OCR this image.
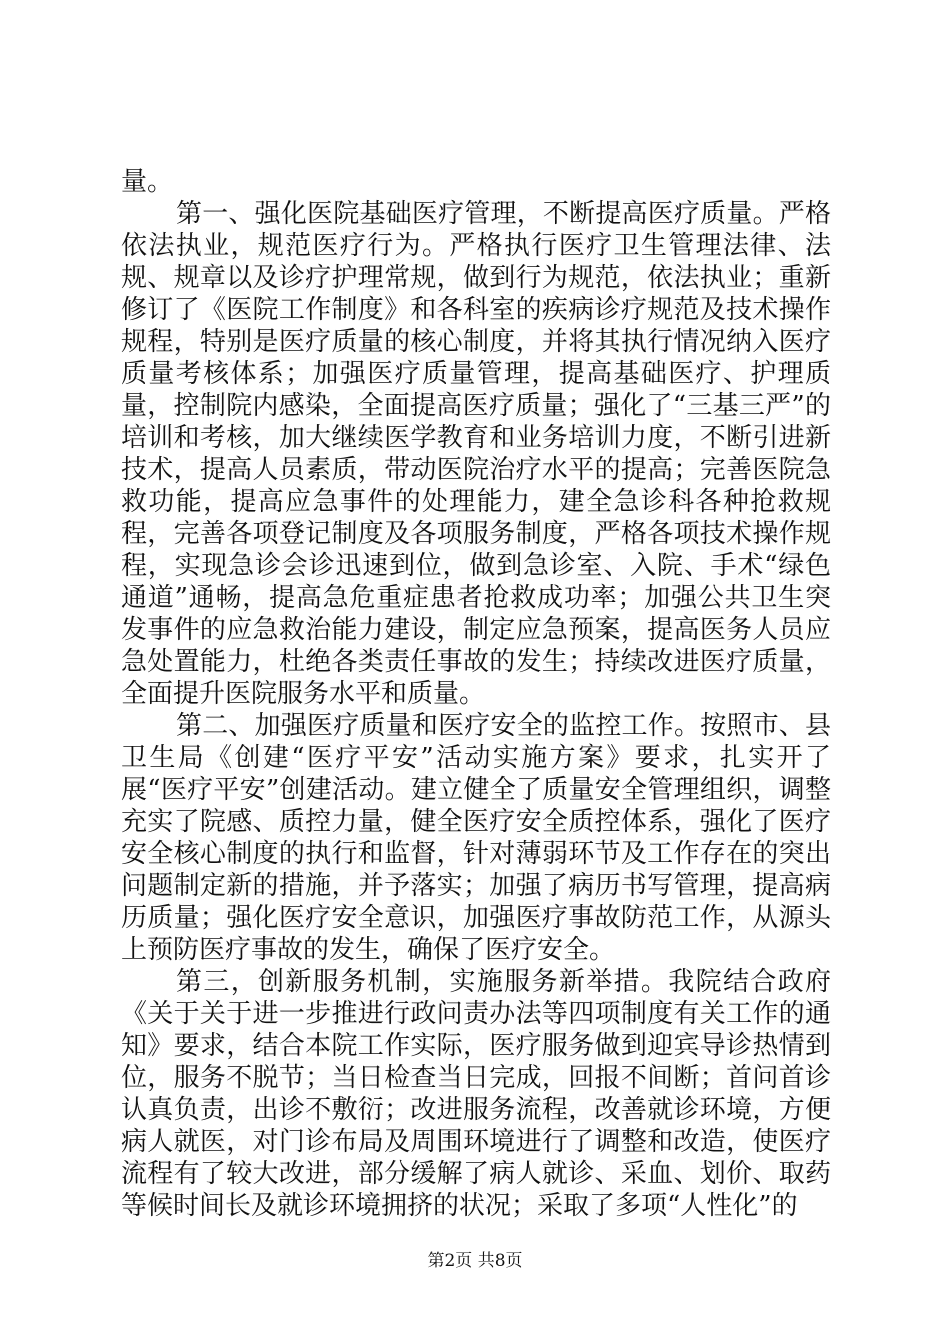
量。

第一、强化医院基础医疗管理，不断提高医疗质量。严格依法执业，规范医疗行为。严格执行医疗卫生管理法律、法规、规章以及诊疗护理常规，做到行为规范，依法执业；重新修订了《医院工作制度》和各科室的疾病诊疗规范及技术操作规程，特别是医疗质量的核心制度，并将其执行情况纳入医疗质量考核体系；加强医疗质量管理，提高基础医疗、护理质量，控制院内感染，全面提高医疗质量；强化了“三基三严”的培训和考核，加大继续医学教育和业务培训力度，不断引进新技术，提高人员素质，带动医院治疗水平的提高；完善医院急救功能，提高应急事件的处理能力，建全急诊科各种抢救规程，完善各项登记制度及各项服务制度，严格各项技术操作规程，实现急诊会诊迅速到位，做到急诊室、入院、手术“绿色通道”通畅，提高急危重症患者抢救成功率；加强公共卫生突发事件的应急救治能力建设，制定应急预案，提高医务人员应急处置能力，杜绝各类责任事故的发生；持续改进医疗质量，全面提升医院服务水平和质量。

第二、加强医疗质量和医疗安全的监控工作。按照市、县卫生局《创建“医疗平安”活动实施方案》要求，扎实开了展“医疗平安”创建活动。建立健全了质量安全管理组织，调整充实了院感、质控力量，健全医疗安全质控体系，强化了医疗安全核心制度的执行和监督，针对薄弱环节及工作存在的突出问题制定新的措施，并予落实；加强了病历书写管理，提高病历质量；强化医疗安全意识，加强医疗事故防范工作，从源头上预防医疗事故的发生，确保了医疗安全。

第三，创新服务机制，实施服务新举措。我院结合政府《关于关于进一步推进行政问责办法等四项制度有关工作的通知》要求，结合本院工作实际，医疗服务做到迎宾导诊热情到位，服务不脱节；当日检查当日完成，回报不间断；首问首诊认真负责，出诊不敷衍；改进服务流程，改善就诊环境，方便病人就医，对门诊布局及周围环境进行了调整和改造，使医疗流程有了较大改进，部分缓解了病人就诊、采血、划价、取药等候时间长及就诊环境拥挤的状况；采取了多项“人性化”的

第2页 共8页
